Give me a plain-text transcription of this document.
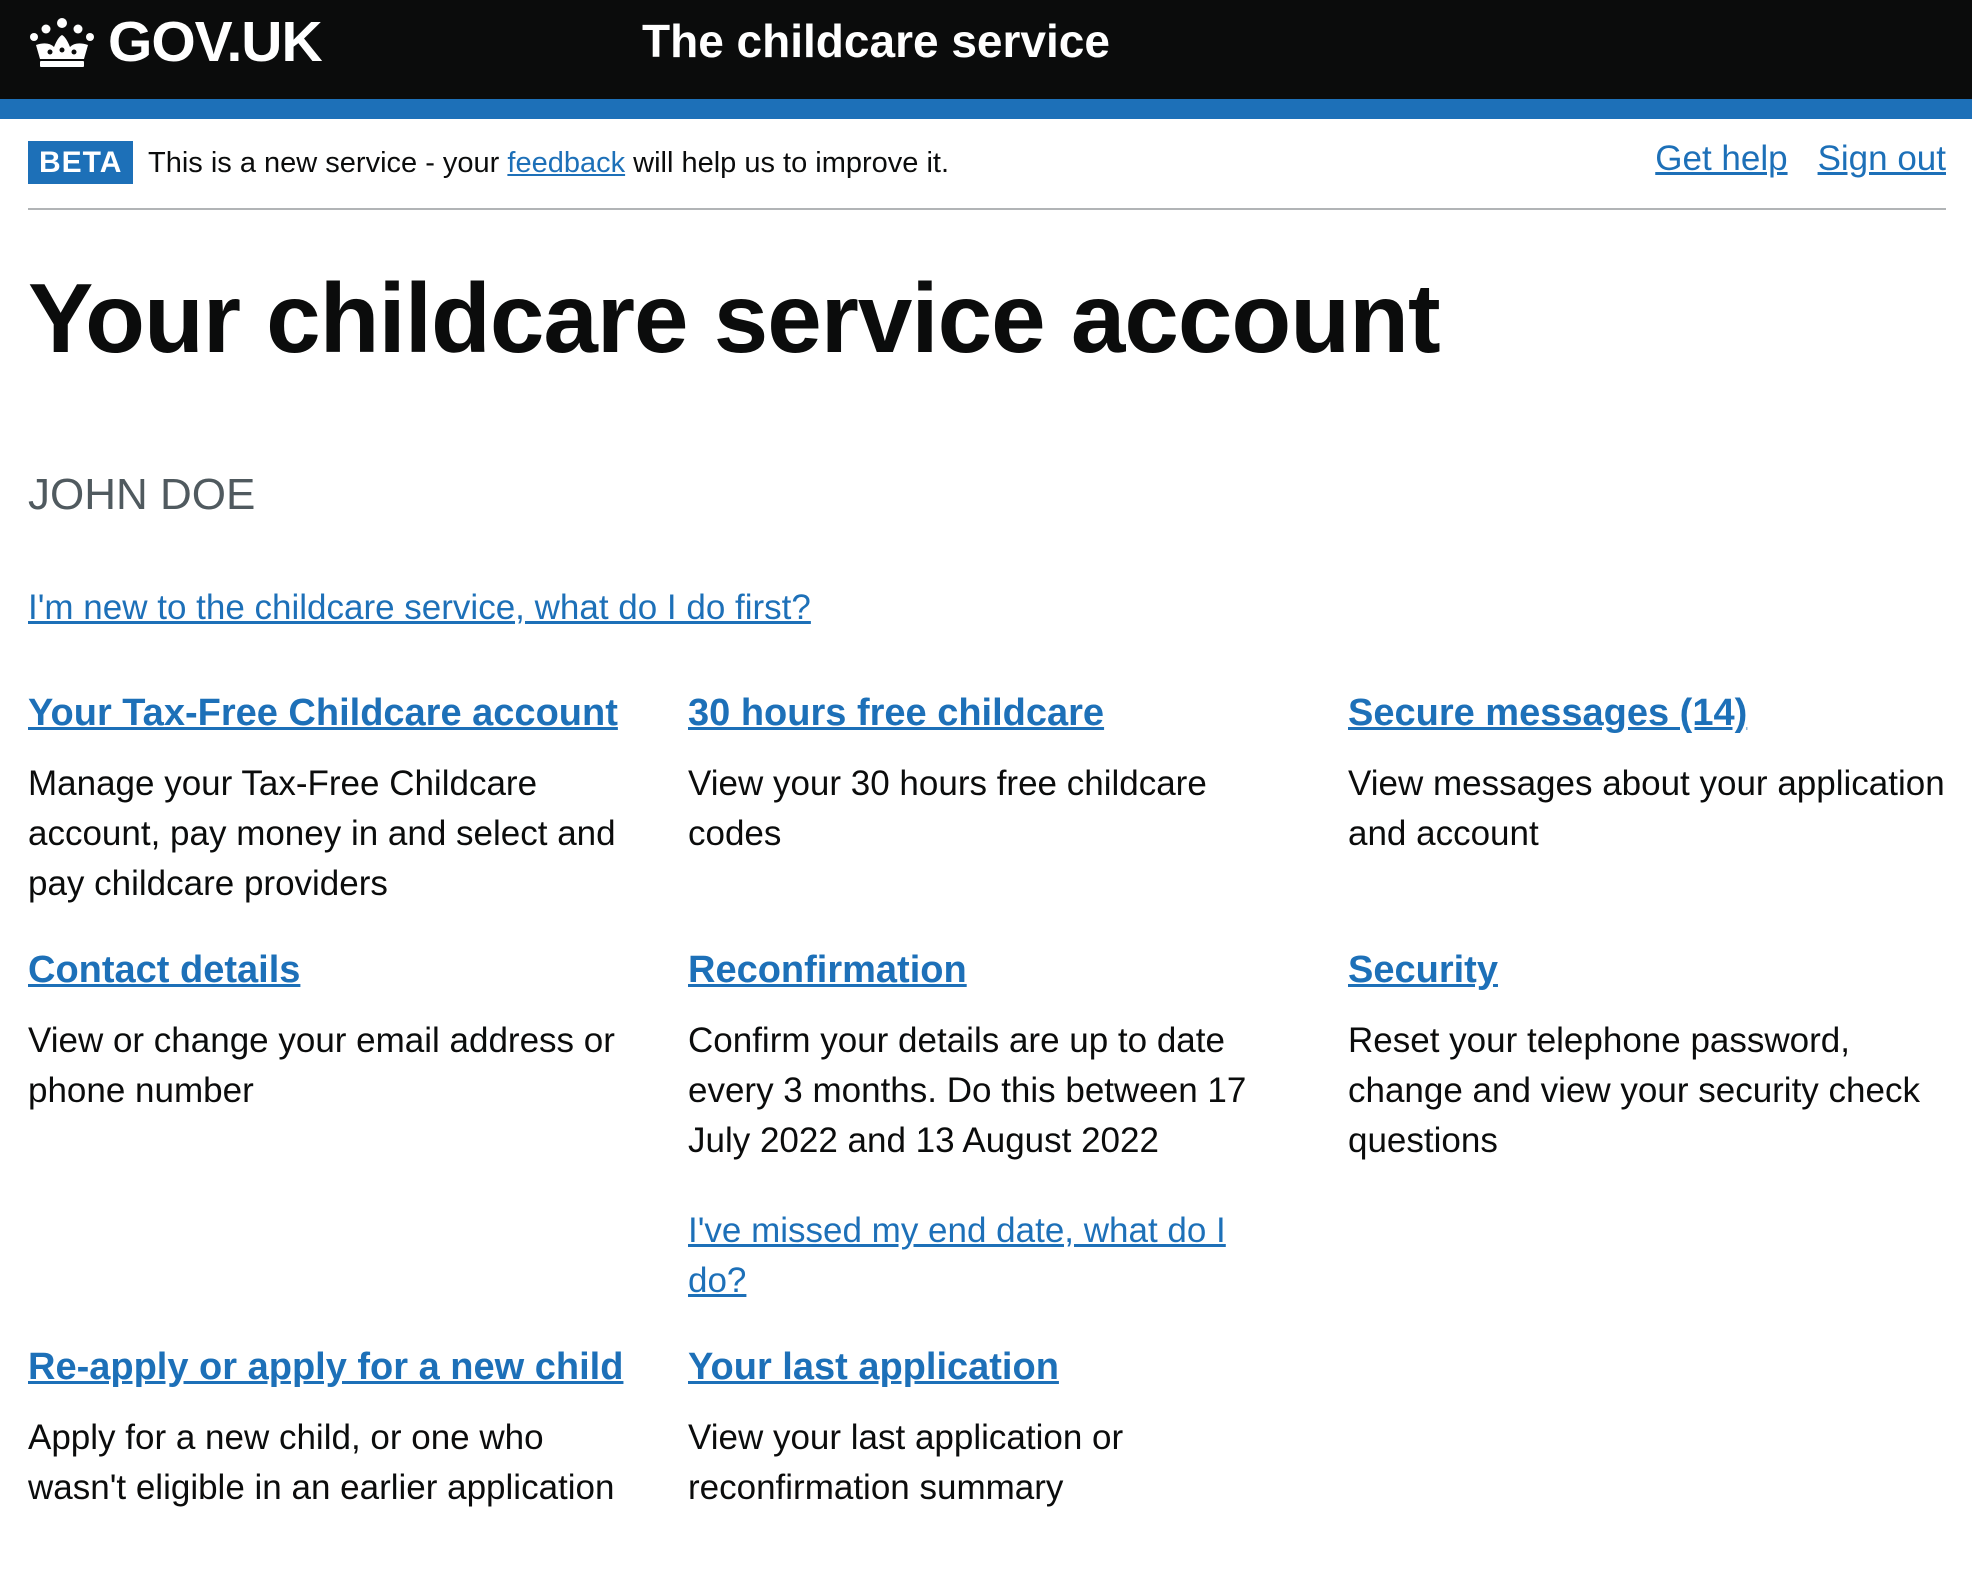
GOV.UK	The childcare service
BETA This is a new service - your feedback will help us to improve it.	Get help Sign out
Your childcare service account
JOHN DOE
I'm new to the childcare service, what do I do first?
Your Tax-Free Childcare account

Manage your Tax-Free Childcare account, pay money in and select and pay childcare providers

30 hours free childcare

View your 30 hours free childcare codes

Secure messages (14)

View messages about your application and account

Contact details

View or change your email address or phone number

Reconfirmation

Confirm your details are up to date every 3 months. Do this between 17 July 2022 and 13 August 2022

I've missed my end date, what do I do?
Security

Reset your telephone password, change and view your security check questions

Re-apply or apply for a new child

Apply for a new child, or one who wasn't eligible in an earlier application

Your last application

View your last application or reconfirmation summary
